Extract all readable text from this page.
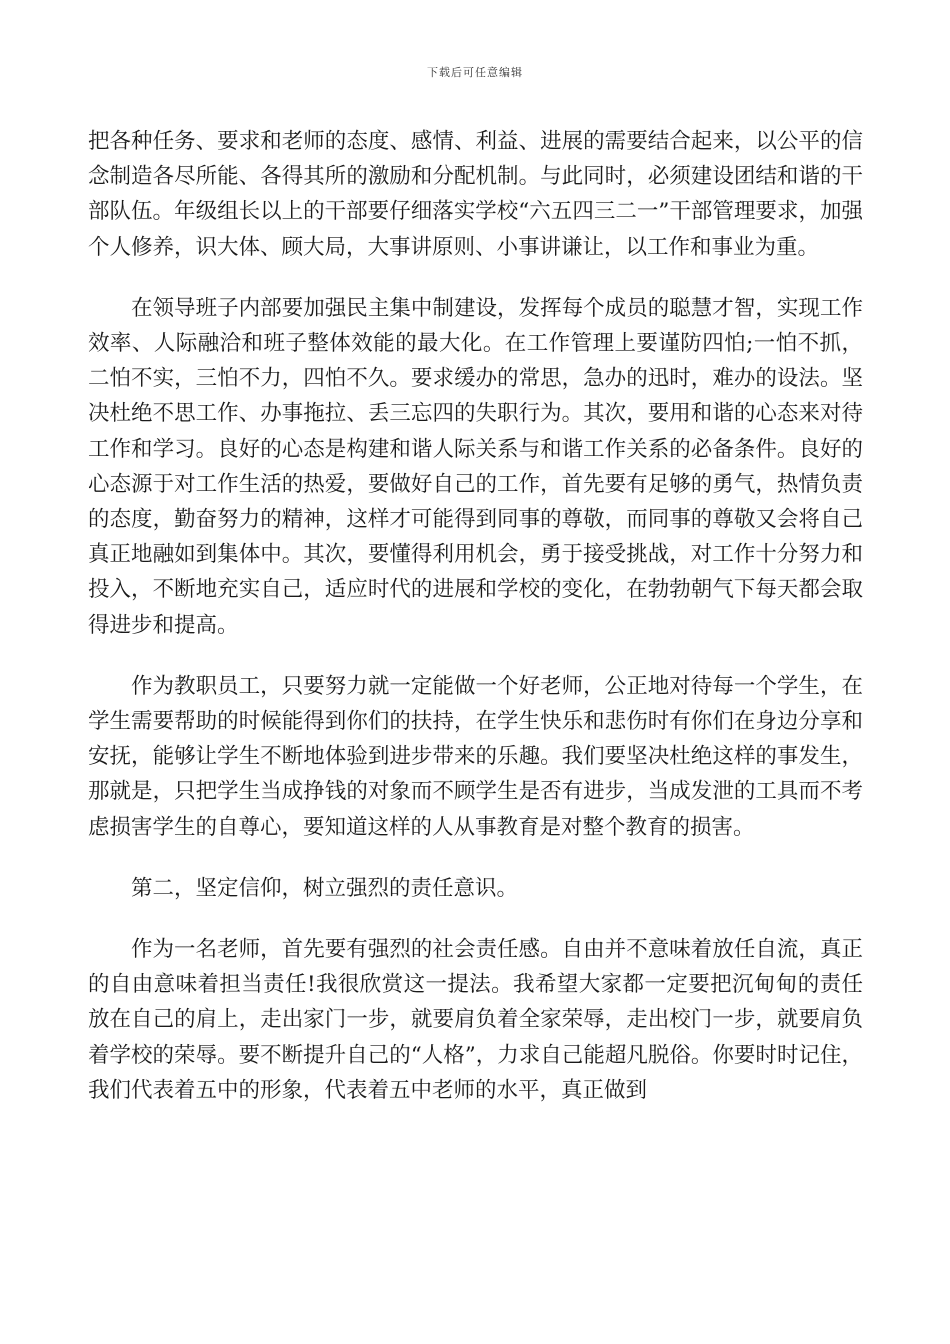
下载后可任意编辑

把各种任务、要求和老师的态度、感情、利益、进展的需要结合起来，以公平的信念制造各尽所能、各得其所的激励和分配机制。与此同时，必须建设团结和谐的干部队伍。年级组长以上的干部要仔细落实学校“六五四三二一”干部管理要求，加强个人修养，识大体、顾大局，大事讲原则、小事讲谦让，以工作和事业为重。

在领导班子内部要加强民主集中制建设，发挥每个成员的聪慧才智，实现工作效率、人际融洽和班子整体效能的最大化。在工作管理上要谨防四怕;一怕不抓，二怕不实，三怕不力，四怕不久。要求缓办的常思，急办的迅时，难办的设法。坚决杜绝不思工作、办事拖拉、丢三忘四的失职行为。其次，要用和谐的心态来对待工作和学习。良好的心态是构建和谐人际关系与和谐工作关系的必备条件。良好的心态源于对工作生活的热爱，要做好自己的工作，首先要有足够的勇气，热情负责的态度，勤奋努力的精神，这样才可能得到同事的尊敬，而同事的尊敬又会将自己真正地融如到集体中。其次，要懂得利用机会，勇于接受挑战，对工作十分努力和投入，不断地充实自己，适应时代的进展和学校的变化，在勃勃朝气下每天都会取得进步和提高。

作为教职员工，只要努力就一定能做一个好老师，公正地对待每一个学生，在学生需要帮助的时候能得到你们的扶持，在学生快乐和悲伤时有你们在身边分享和安抚，能够让学生不断地体验到进步带来的乐趣。我们要坚决杜绝这样的事发生，那就是，只把学生当成挣钱的对象而不顾学生是否有进步，当成发泄的工具而不考虑损害学生的自尊心，要知道这样的人从事教育是对整个教育的损害。

第二，坚定信仰，树立强烈的责任意识。

作为一名老师，首先要有强烈的社会责任感。自由并不意味着放任自流，真正的自由意味着担当责任!我很欣赏这一提法。我希望大家都一定要把沉甸甸的责任放在自己的肩上，走出家门一步，就要肩负着全家荣辱，走出校门一步，就要肩负着学校的荣辱。要不断提升自己的“人格”，力求自己能超凡脱俗。你要时时记住，我们代表着五中的形象，代表着五中老师的水平，真正做到
